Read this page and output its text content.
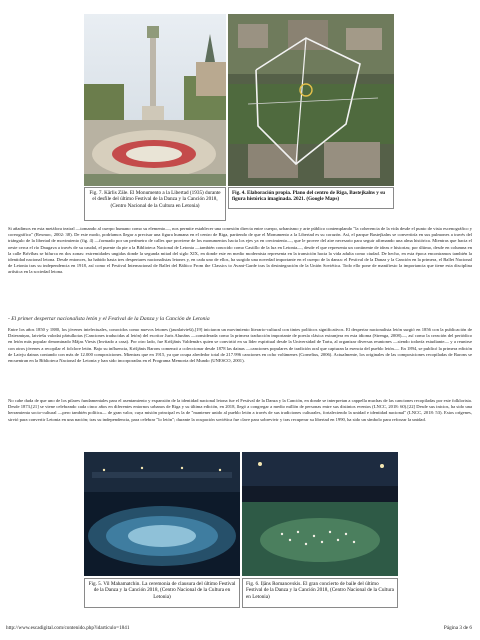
Fig. 7. Kārlis Zāle. El Monumento a la Libertad (1935) durante el desfile del último Festival de la Danza y la Canción 2018, (Centro Nacional de la Cultura en Letonia)
Fig. 4. Elaboración propia. Plano del centro de Riga, Bastejkalns y su figura histórica imaginada. 2021. (Google Maps)
Si añadimos en esta metáfora teatral —tomando al cuerpo humano como su elemento—, nos permite establecer una conexión directa entre cuerpo, urbanismo y arte público contemplando "la coherencia de la vida desde el punto de vista escenográfico y coreográfico" (Rexmoc, 2002: 38). De este modo, podríamos llegar a precisar una figura humana en el centro de Riga, partiendo de que el Monumento a la Libertad es su corazón. Así, el parque Bastejkalns se convertiría en sus pulmones a través del triángulo de la libertad de movimiento (fig. 4) —formado por un perímetro de calles que proviene de los monumentos hacia los ejes ya en crecimiento—, que le provee del aire necesario para seguir afirmando una alma histórica. Mientras que hacia el oeste cerca el río Daugava a través de su caudal, el puente da pie a la Biblioteca Nacional de Letonia —también conocido como Castillo de la luz en Letonia—, desde el que representa un continente de ideas e historias; por último, desde en columna en la calle Brīvības se bifurca en dos zonas: extremidades ungidas donde la segunda mitad del siglo XIX, en donde este en medio modernista representa en la transición hacia la vida adulta como ciudad. De hecho, en esta época encontramos también la identidad nacional letona. Desde entonces, ha habido hasta tres despertares nacionalistas letones y, en cada uno de ellos, ha surgido una novedad importante en el cuerpo de la danza: el Festival de la Danza y la Canción en la primera, el Ballet Nacional de Letonia tras su independencia en 1918, así como el Festival Internacional de Ballet del Báltico From the Classics to Avant-Garde tras la desintegración de la Unión Soviética. Todo ello pone de manifiesto la importancia que tiene esta disciplina artística en la sociedad letona.
- El primer despertar nacionalista letón y el Festival de la Danza y la Canción de Letonia
Entre los años 1850 y 1880, los jóvenes intelectuales, conocidos como nuevos letones (jaunlatvieši),[19] iniciaron un movimiento literario-cultural con tintes políticos significativos. El despertar nacionalista letón surgió en 1856 con la publicación de Dziesmiņas, latviešu valodai pārtulkotas (Canciones traducidas al letón) del escritor Juris Alunāns —considerada como la primera traducción importante de poesía clásica extranjera en esta idioma (Strenga, 2008)—, así como la creación del periódico en letón más popular denominado Mājas Viesis (Invitado a casa). Por otro lado, fue Krišjānis Valdemārs quien se convirtió en su líder espiritual desde la Universidad de Tartu, al organizar diversas reuniones —siendo todavía estudiante— y a reunirse con otros jóvenes a recopilar el folclore letón. Bajo su influencia, Krišjānis Barons comenzó a coleccionar desde 1878 las dainas —canciones populares de tradición oral que capturan la esencia del pueblo letón—. En 1894, se publicó la primera edición de Latvju dainas contando con más de 12.000 composiciones. Mientras que en 1915, ya que ocupa alrededor total de 217.996 canciones en ocho volúmenes (Cornelius, 2006). Actualmente, los originales de las composiciones recopiladas de Barons se encuentran en la Biblioteca Nacional de Letonia y han sido incorporadas en el Programa Memoria del Mundo (UNESCO, 2001).
No cabe duda de que uno de los pilares fundamentales para el asentamiento y expansión de la identidad nacional letona fue el Festival de la Danza y la Canción, en donde se interpretan a cappella muchas de las canciones recopiladas por este folklorista. Desde 1873,[21] se viene celebrando cada cinco años en diferentes entornos urbanos de Riga y su última edición, en 2018, llegó a congregar a medio millón de personas entre sus distintos eventos (LNCC, 2018: 60).[22] Desde sus inicios, ha sido una herramienta socio-cultural —pero también política— de gran valor, cuya misión principal es la de "mantener unido al pueblo letón a través de sus tradiciones culturales, fortaleciendo la unidad e identidad nacional" (LNCC, 2018: 53). Estos orígenes, sirvió para convertir Letonia en una nación; tras su independencia, para celebrar "lo letón"; durante la ocupación soviética fue clave para sobrevivir y tras recuperar su libertad en 1990, ha sido un símbolo para reforzar la unidad.
Fig. 5. Vil Mahamatchin. La ceremonia de clausura del último Festival de la Danza y la Canción 2018, (Centro Nacional de la Cultura en Letonia)
Fig. 6. Iļāns Romanovskis. El gran concierto de baile del último Festival de la Danza y la Canción 2018, (Centro Nacional de la Cultura en Letonia)
http://www.escadigital.com/contenido.php?idarticulo=1841	Página 3 de 6
